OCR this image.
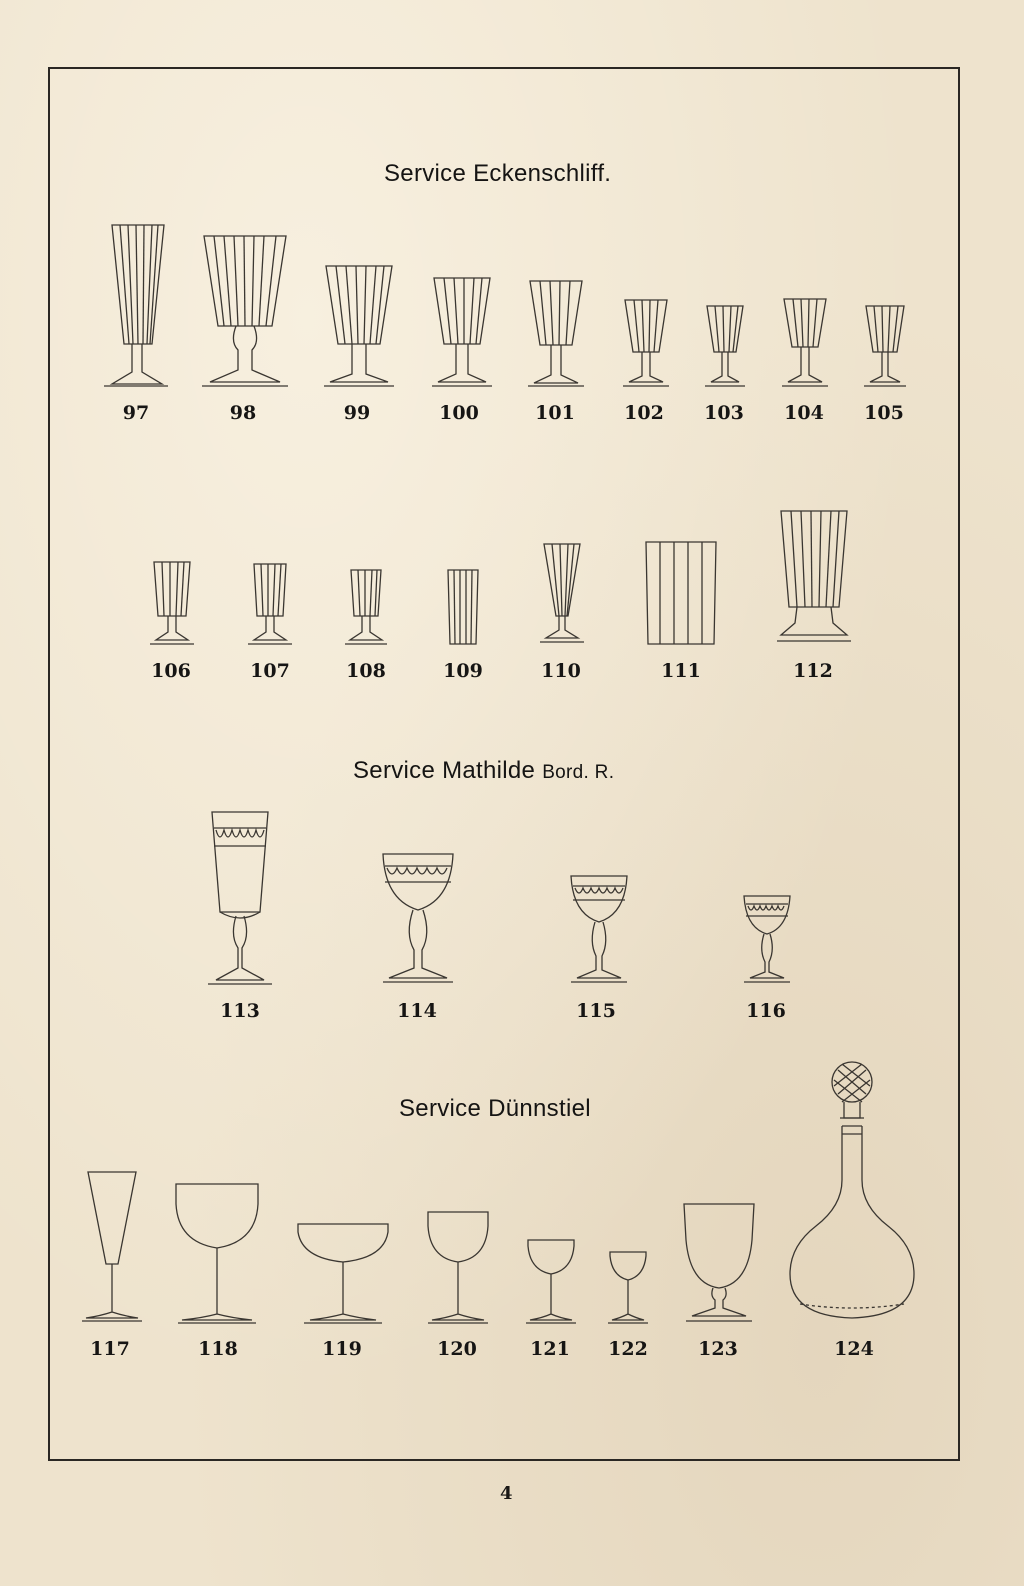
Service Eckenschliff.
Service Mathilde Bord. R.
Service Dünnstiel
97	98	99	100	101	102 103 104 105
106	107	108	109	110	111	112
113	114	115	116
117	118	119	120	121 122	123	124
4
